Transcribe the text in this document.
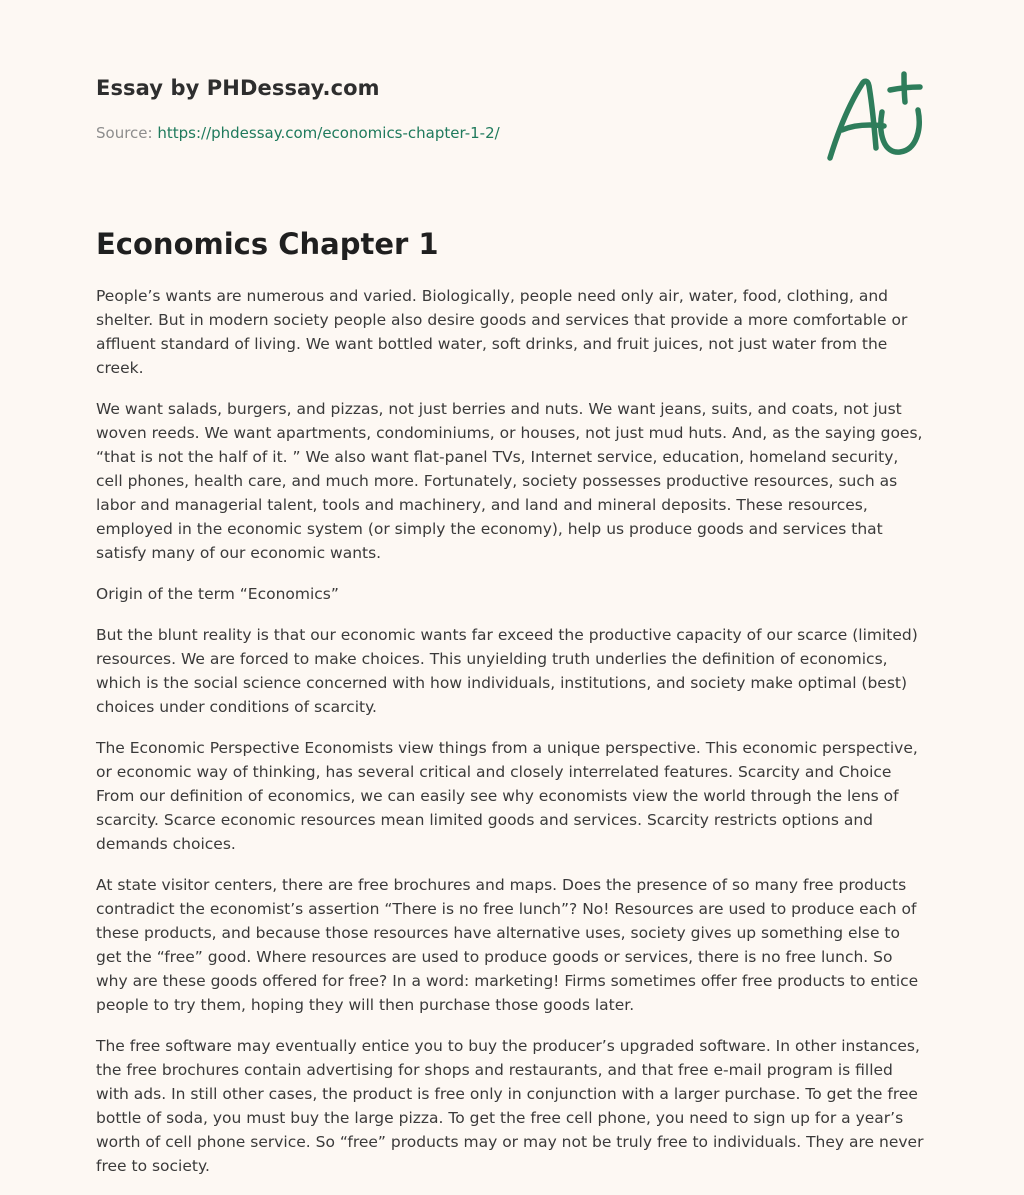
Essay by PHDessay.com
Source: https://phdessay.com/economics-chapter-1-2/
Economics Chapter 1

People’s wants are numerous and varied. Biologically, people need only air, water, food, clothing, and shelter. But in modern society people also desire goods and services that provide a more comfortable or affluent standard of living. We want bottled water, soft drinks, and fruit juices, not just water from the creek.

We want salads, burgers, and pizzas, not just berries and nuts. We want jeans, suits, and coats, not just woven reeds. We want apartments, condominiums, or houses, not just mud huts. And, as the saying goes, “that is not the half of it. ” We also want flat-panel TVs, Internet service, education, homeland security, cell phones, health care, and much more. Fortunately, society possesses productive resources, such as labor and managerial talent, tools and machinery, and land and mineral deposits. These resources, employed in the economic system (or simply the economy), help us produce goods and services that satisfy many of our economic wants.

Origin of the term “Economics”

But the blunt reality is that our economic wants far exceed the productive capacity of our scarce (limited) resources. We are forced to make choices. This unyielding truth underlies the definition of economics, which is the social science concerned with how individuals, institutions, and society make optimal (best) choices under conditions of scarcity.

The Economic Perspective Economists view things from a unique perspective. This economic perspective, or economic way of thinking, has several critical and closely interrelated features. Scarcity and Choice From our definition of economics, we can easily see why economists view the world through the lens of scarcity. Scarce economic resources mean limited goods and services. Scarcity restricts options and demands choices.

At state visitor centers, there are free brochures and maps. Does the presence of so many free products contradict the economist’s assertion “There is no free lunch”? No! Resources are used to produce each of these products, and because those resources have alternative uses, society gives up something else to get the “free” good. Where resources are used to produce goods or services, there is no free lunch. So why are these goods offered for free? In a word: marketing! Firms sometimes offer free products to entice people to try them, hoping they will then purchase those goods later.

The free software may eventually entice you to buy the producer’s upgraded software. In other instances, the free brochures contain advertising for shops and restaurants, and that free e-mail program is filled with ads. In still other cases, the product is free only in conjunction with a larger purchase. To get the free bottle of soda, you must buy the large pizza. To get the free cell phone, you need to sign up for a year’s worth of cell phone service. So “free” products may or may not be truly free to individuals. They are never free to society.
